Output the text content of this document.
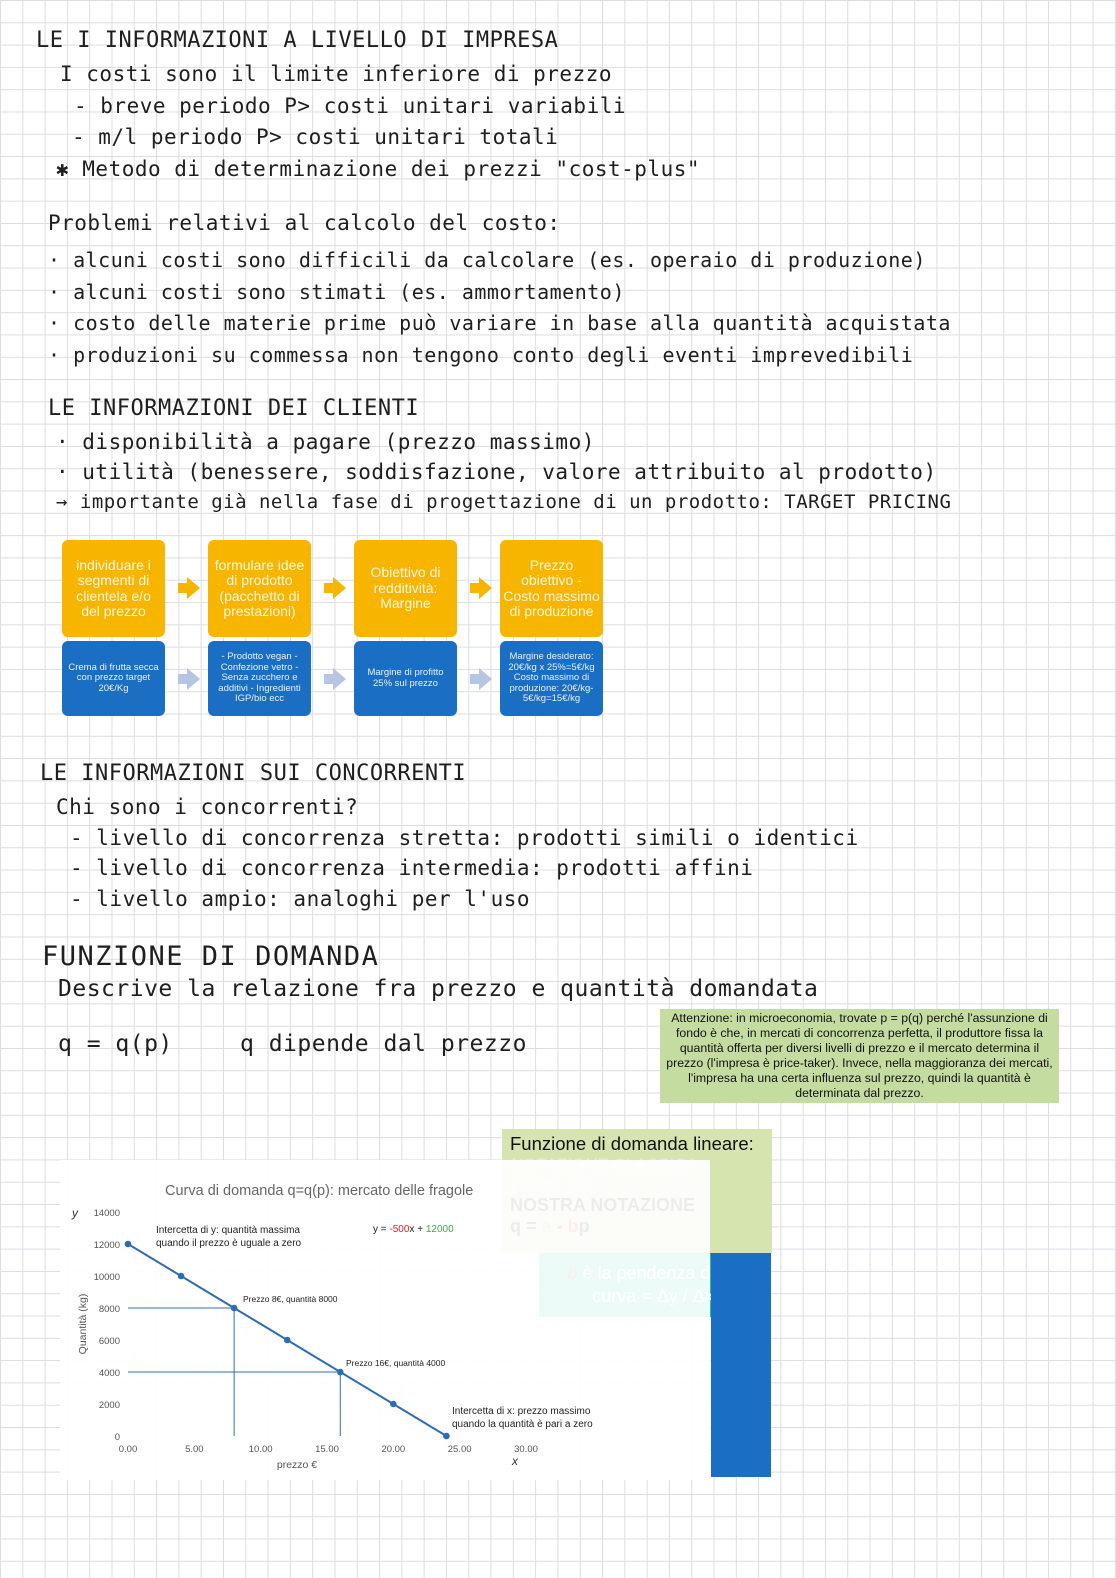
LE I INFORMAZIONI A LIVELLO DI IMPRESA
I costi sono il limite inferiore di prezzo
- breve periodo P> costi unitari variabili
- m/l periodo P> costi unitari totali
✱ Metodo di determinazione dei prezzi "cost-plus"
Problemi relativi al calcolo del costo:
· alcuni costi sono difficili da calcolare (es. operaio di produzione)
· alcuni costi sono stimati (es. ammortamento)
· costo delle materie prime può variare in base alla quantità acquistata
· produzioni su commessa non tengono conto degli eventi imprevedibili
LE INFORMAZIONI DEI CLIENTI
· disponibilità a pagare (prezzo massimo)
· utilità (benessere, soddisfazione, valore attribuito al prodotto)
→ importante già nella fase di progettazione di un prodotto: TARGET PRICING
individuare i segmenti di clientela e/o del prezzo
formulare idee di prodotto (pacchetto di prestazioni)
Obiettivo di redditività: Margine
Prezzo obiettivo - Costo massimo di produzione
Crema di frutta secca con prezzo target 20€/Kg
- Prodotto vegan - Confezione vetro - Senza zucchero e additivi - Ingredienti IGP/bio ecc
Margine di profitto 25% sul prezzo
Margine desiderato: 20€/kg x 25%=5€/kg Costo massimo di produzione: 20€/kg-5€/kg=15€/kg
LE INFORMAZIONI SUI CONCORRENTI
Chi sono i concorrenti?
- livello di concorrenza stretta: prodotti simili o identici
- livello di concorrenza intermedia: prodotti affini
- livello ampio: analoghi per l'uso
FUNZIONE DI DOMANDA
Descrive la relazione fra prezzo e quantità domandata
q = q(p)	q dipende dal prezzo
Attenzione: in microeconomia, trovate p = p(q) perché l'assunzione di fondo è che, in mercati di concorrenza perfetta, il produttore fissa la quantità offerta per diversi livelli di prezzo e il mercato determina il prezzo (l'impresa è price-taker). Invece, nella maggioranza dei mercati, l'impresa ha una certa influenza sul prezzo, quindi la quantità è determinata dal prezzo.
Funzione di domanda lineare:
Curva di domanda q=q(p): mercato delle fragole
0
2000
4000
6000
8000
10000
12000
14000
0.00	5.00	10.00	15.00	20.00	25.00	30.00
y
x
prezzo €
Quantità (kg)
Intercetta di y: quantità massima
quando il prezzo è uguale a zero
Prezzo 8€, quantità 8000
Prezzo 16€, quantità 4000
Intercetta di x: prezzo massimo
quando la quantità è pari a zero
y = -500x + 12000
